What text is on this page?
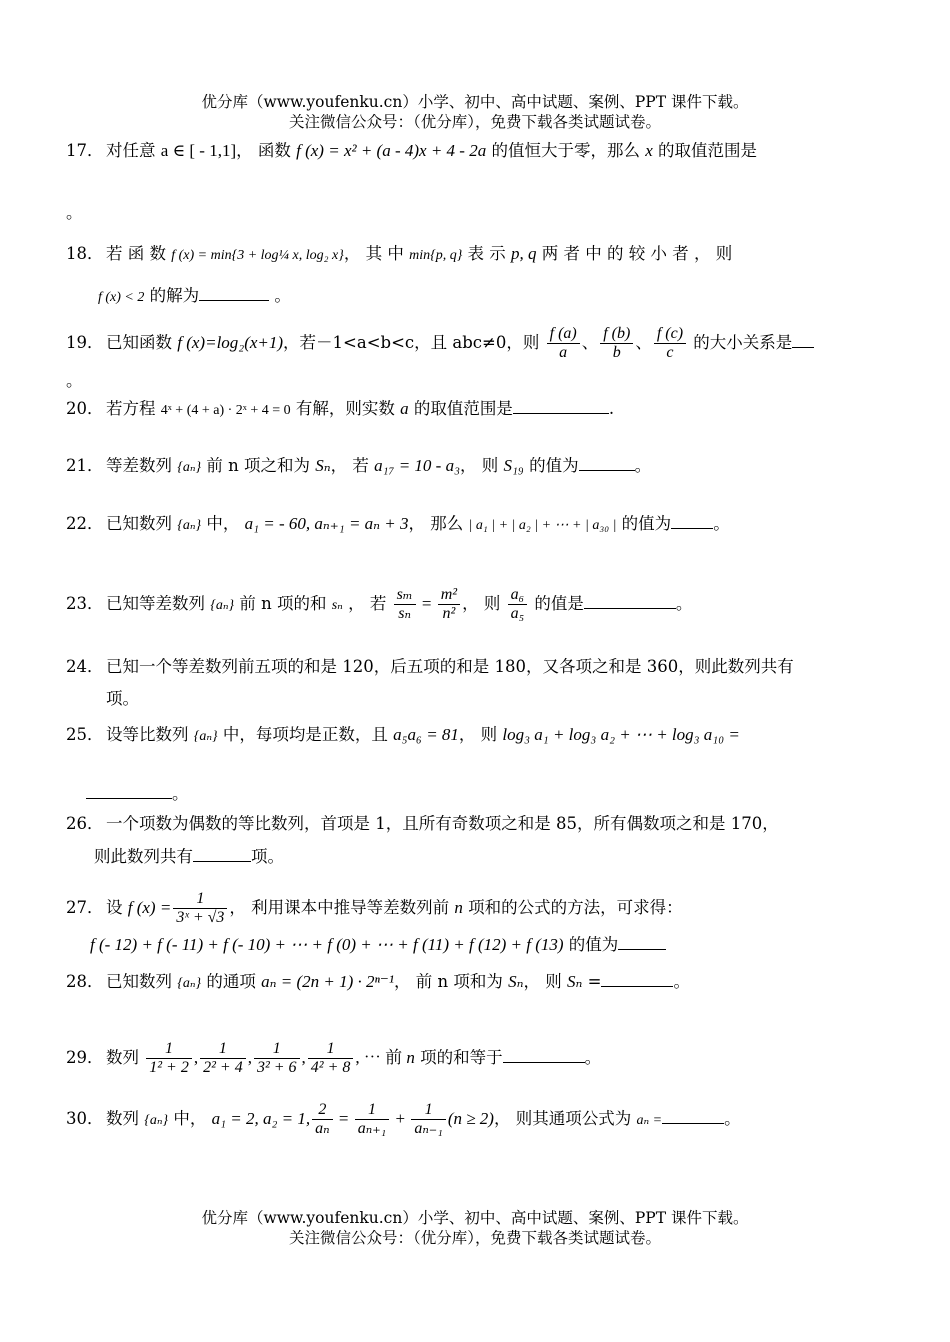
优分库（www.youfenku.cn）小学、初中、高中试题、案例、PPT 课件下载。
关注微信公众号：（优分库），免费下载各类试题试卷。
17． 对任意 a ∈ [ - 1,1]， 函数 f (x) = x² + (a - 4)x + 4 - 2a 的值恒大于零，那么 x 的取值范围是
。
18． 若 函 数 f (x) = min{3 + log¼ x, log₂ x}， 其 中 min{p, q} 表 示 p, q 两 者 中 的 较 小 者 ， 则
f (x) < 2 的解为	。
19． 已知函数 f (x)=log₂(x+1)，若－1<a<b<c，且 abc≠0，则 $\frac{f (a)}{a}$ 、 $\frac{f (b)}{b}$ 、 $\frac{f (c)}{c}$ 的大小关系是
。
20． 若方程 4ˣ + (4 + a) · 2ˣ + 4 = 0 有解，则实数 a 的取值范围是	.
21． 等差数列 {aₙ} 前 n 项之和为 Sₙ， 若 a₁₇ = 10 - a₃， 则 S₁₉ 的值为	。
22． 已知数列 {aₙ} 中， a₁ = - 60, aₙ₊₁ = aₙ + 3， 那么 | a₁ | + | a₂ | + ⋯ + | a₃₀ | 的值为	。
23． 已知等差数列 {aₙ} 前 n 项的和 sₙ ， 若 $\frac{\text{sₘ}}{\text{sₙ}} = \frac{\text{m²}}{\text{n²}}$ ， 则 $\frac{\text{a₆}}{\text{a₅}}$ 的值是	。
24． 已知一个等差数列前五项的和是 120，后五项的和是 180，又各项之和是 360，则此数列共有
项。
25． 设等比数列 {aₙ} 中，每项均是正数，且 a₅a₆ = 81， 则 log₃ a₁ + log₃ a₂ + ⋯ + log₃ a₁₀ =
。
26． 一个项数为偶数的等比数列，首项是 1，且所有奇数项之和是 85，所有偶数项之和是 170，
则此数列共有	项。
27． 设 f $(x) = \frac{1}{\text{3ˣ + √3}}$ ， 利用课本中推导等差数列前 n 项和的公式的方法，可求得：
f (- 12) + f (- 11) + f (- 10) + ⋯ + f (0) + ⋯ + f (11) + f (12) + f (13) 的值为
28． 已知数列 {aₙ} 的通项 aₙ = (2n + 1) · 2ⁿ⁻¹， 前 n 项和为 Sₙ， 则 Sₙ =	。
29． 数列 $\frac{1}{\text{1² + 2}}$ , $\frac{1}{\text{2² + 4}}$ , $\frac{1}{\text{3² + 6}}$ , $\frac{1}{\text{4² + 8}}$ , ⋯ 前 n 项的和等于	。
30． 数列 {aₙ} 中， a₁ = 2, a₂ = 1, $\frac{2}{\text{aₙ}} = \frac{1}{\text{aₙ₊₁}} + \frac{1}{\text{aₙ₋₁}} (n \ge 2)$， 则其通项公式为 aₙ =	。
优分库（www.youfenku.cn）小学、初中、高中试题、案例、PPT 课件下载。
关注微信公众号：（优分库），免费下载各类试题试卷。
